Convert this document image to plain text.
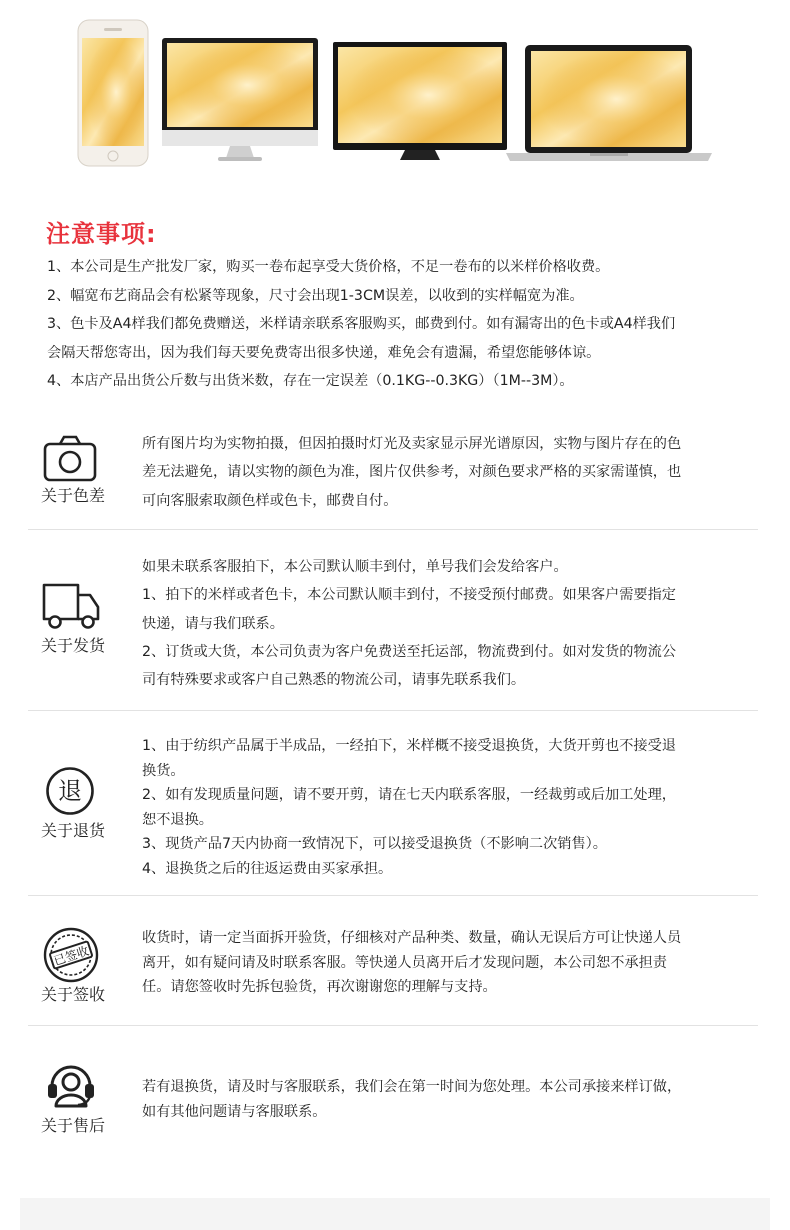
注意事项:
1、本公司是生产批发厂家，购买一卷布起享受大货价格，不足一卷布的以米样价格收费。
2、幅宽布艺商品会有松紧等现象，尺寸会出现1-3CM误差，以收到的实样幅宽为准。
3、色卡及A4样我们都免费赠送，米样请亲联系客服购买，邮费到付。如有漏寄出的色卡或A4样我们
会隔天帮您寄出，因为我们每天要免费寄出很多快递，难免会有遗漏，希望您能够体谅。
4、本店产品出货公斤数与出货米数，存在一定误差（0.1KG--0.3KG）（1M--3M）。
关于色差
所有图片均为实物拍摄，但因拍摄时灯光及卖家显示屏光谱原因，实物与图片存在的色
差无法避免，请以实物的颜色为准，图片仅供参考，对颜色要求严格的买家需谨慎，也
可向客服索取颜色样或色卡，邮费自付。
关于发货
如果未联系客服拍下，本公司默认顺丰到付，单号我们会发给客户。
1、拍下的米样或者色卡，本公司默认顺丰到付，不接受预付邮费。如果客户需要指定
快递，请与我们联系。
2、订货或大货，本公司负责为客户免费送至托运部，物流费到付。如对发货的物流公
司有特殊要求或客户自己熟悉的物流公司，请事先联系我们。
退
关于退货
1、由于纺织产品属于半成品，一经拍下，米样概不接受退换货，大货开剪也不接受退
换货。
2、如有发现质量问题，请不要开剪，请在七天内联系客服，一经裁剪或后加工处理，
恕不退换。
3、现货产品7天内协商一致情况下，可以接受退换货（不影响二次销售）。
4、退换货之后的往返运费由买家承担。
已签收
关于签收
收货时，请一定当面拆开验货，仔细核对产品种类、数量，确认无误后方可让快递人员
离开，如有疑问请及时联系客服。等快递人员离开后才发现问题，本公司恕不承担责
任。请您签收时先拆包验货，再次谢谢您的理解与支持。
关于售后
若有退换货，请及时与客服联系，我们会在第一时间为您处理。本公司承接来样订做，
如有其他问题请与客服联系。
